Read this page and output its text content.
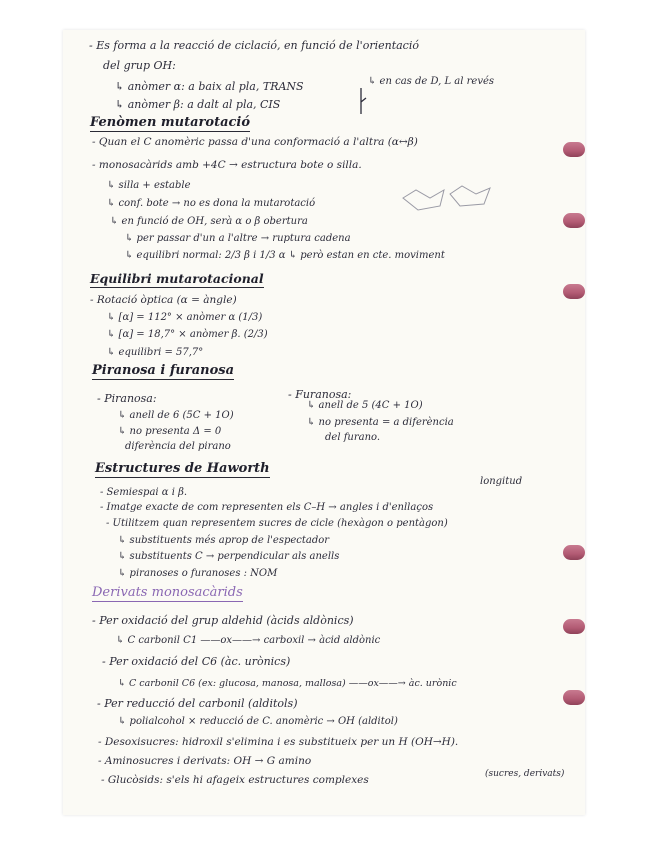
Fenòmen mutarotació
Equilibri mutarotacional
Piranosa i furanosa
Estructures de Haworth
Derivats monosacàrids
- Es forma a la reacció de ciclació, en funció de l'orientació
del grup OH:
↳ anòmer α: a baix al pla, TRANS	↳ en cas de D, L al revés
↳ anòmer β: a dalt al pla, CIS
- Quan el C anomèric passa d'una conformació a l'altra (α↔β)
- monosacàrids amb +4C → estructura bote o silla.
↳ silla + estable
↳ conf. bote → no es dona la mutarotació
↳ en funció de OH, serà α o β obertura
↳ per passar d'un a l'altre → ruptura cadena
↳ equilibri normal: 2/3 β i 1/3 α ↳ però estan en cte. moviment
- Rotació òptica (α = àngle)
↳ [α] = 112° × anòmer α (1/3)
↳ [α] = 18,7° × anòmer β. (2/3)
↳ equilibri = 57,7°
- Piranosa:
↳ anell de 6 (5C + 1O)
↳ no presenta Δ = 0
diferència del pirano
- Furanosa:
↳ anell de 5 (4C + 1O)
↳ no presenta = a diferència
del furano.
longitud
- Semiespai α i β.
- Imatge exacte de com representen els C–H → angles i d'enllaços
- Utilitzem quan representem sucres de cicle (hexàgon o pentàgon)
↳ substituents més aprop de l'espectador
↳ substituents C → perpendicular als anells
↳ piranoses o furanoses : NOM
- Per oxidació del grup aldehid (àcids aldònics)
↳ C carbonil C1 ——ox——→ carboxil → àcid aldònic
- Per oxidació del C6 (àc. urònics)
↳ C carbonil C6 (ex: glucosa, manosa, mallosa) ——ox——→ àc. urònic
- Per reducció del carbonil (alditols)
↳ polialcohol × reducció de C. anomèric → OH (alditol)
- Desoxisucres: hidroxil s'elimina i es substitueix per un H (OH→H).
- Aminosucres i derivats: OH → G amino
- Glucòsids: s'els hi afageix estructures complexes	(sucres, derivats)
